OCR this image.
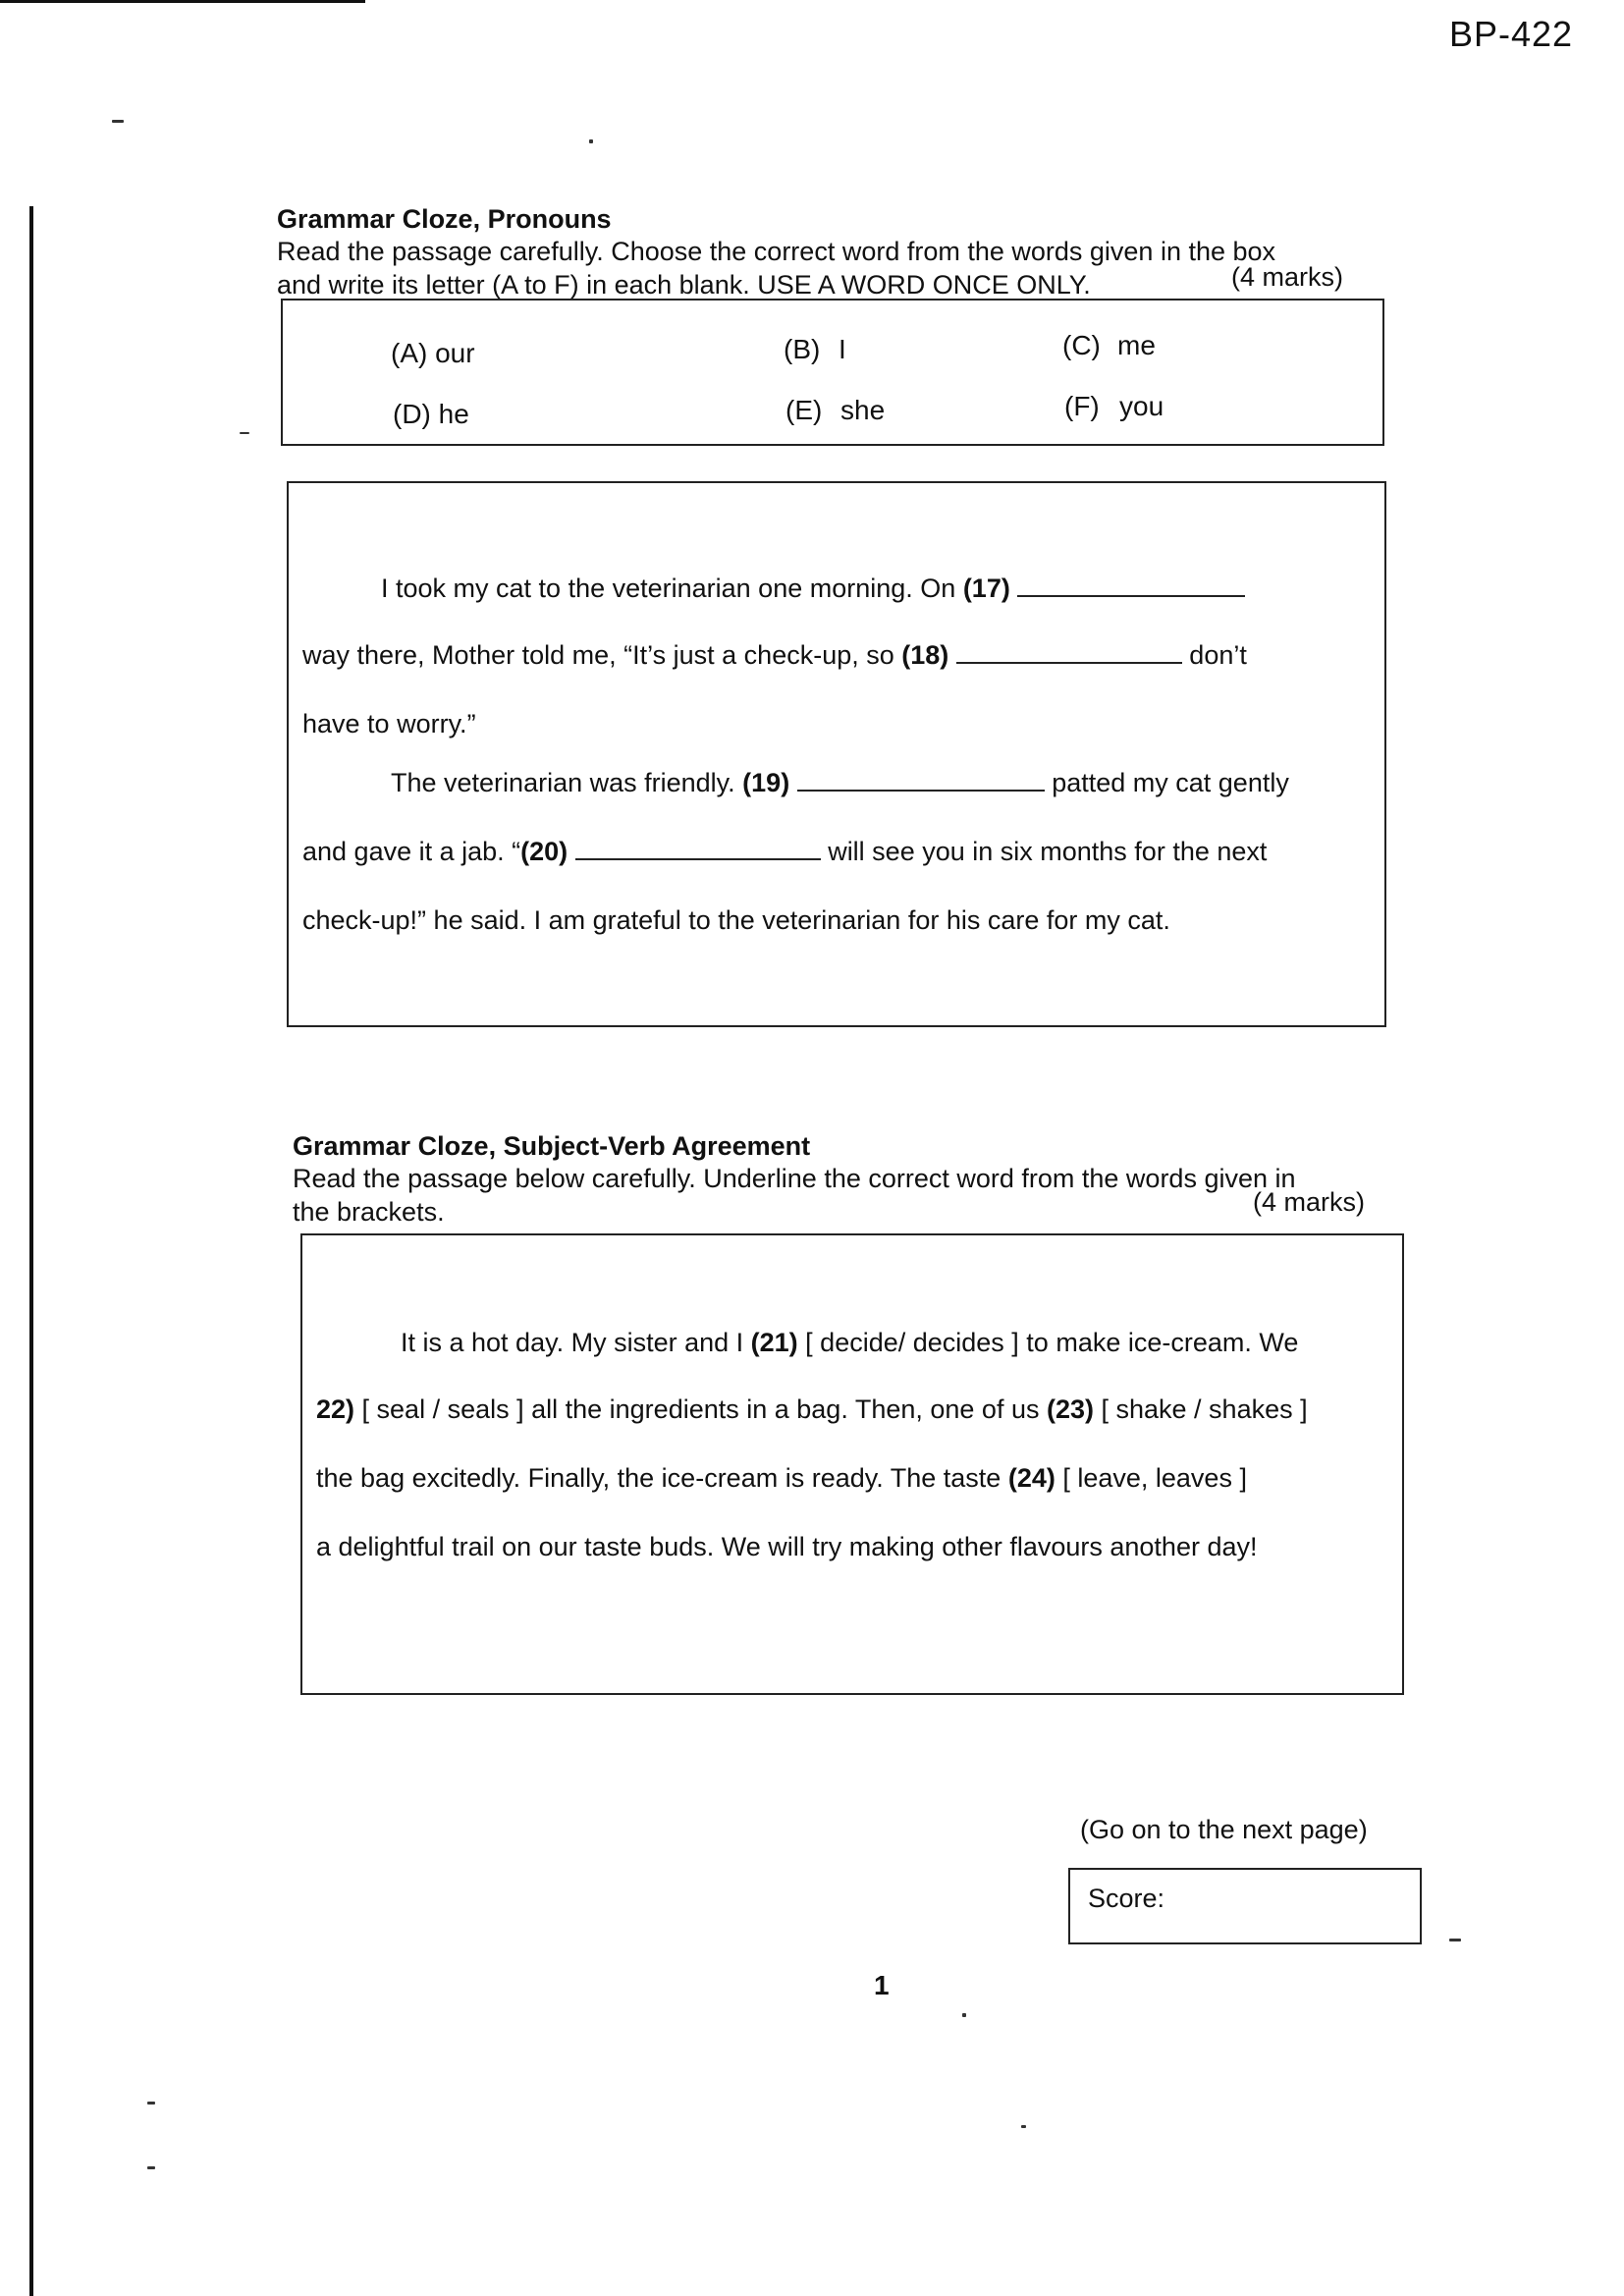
BP-422
Grammar Cloze, Pronouns
Read the passage carefully. Choose the correct word from the words given in the box
and write its letter (A to F) in each blank. USE A WORD ONCE ONLY.	(4 marks)
(A) our	(B) I	(C) me
(D) he	(E) she	(F) you
I took my cat to the veterinarian one morning. On (17)
way there, Mother told me, “It’s just a check-up, so (18)	don’t
have to worry.”
The veterinarian was friendly. (19)	patted my cat gently
and gave it a jab. “(20)	will see you in six months for the next
check-up!” he said. I am grateful to the veterinarian for his care for my cat.
Grammar Cloze, Subject-Verb Agreement
Read the passage below carefully. Underline the correct word from the words given in
the brackets.	(4 marks)
It is a hot day. My sister and I (21) [ decide/ decides ] to make ice-cream. We
22) [ seal / seals ] all the ingredients in a bag. Then, one of us (23) [ shake / shakes ]
the bag excitedly. Finally, the ice-cream is ready. The taste (24) [ leave, leaves ]
a delightful trail on our taste buds. We will try making other flavours another day!
(Go on to the next page)
Score:
1
